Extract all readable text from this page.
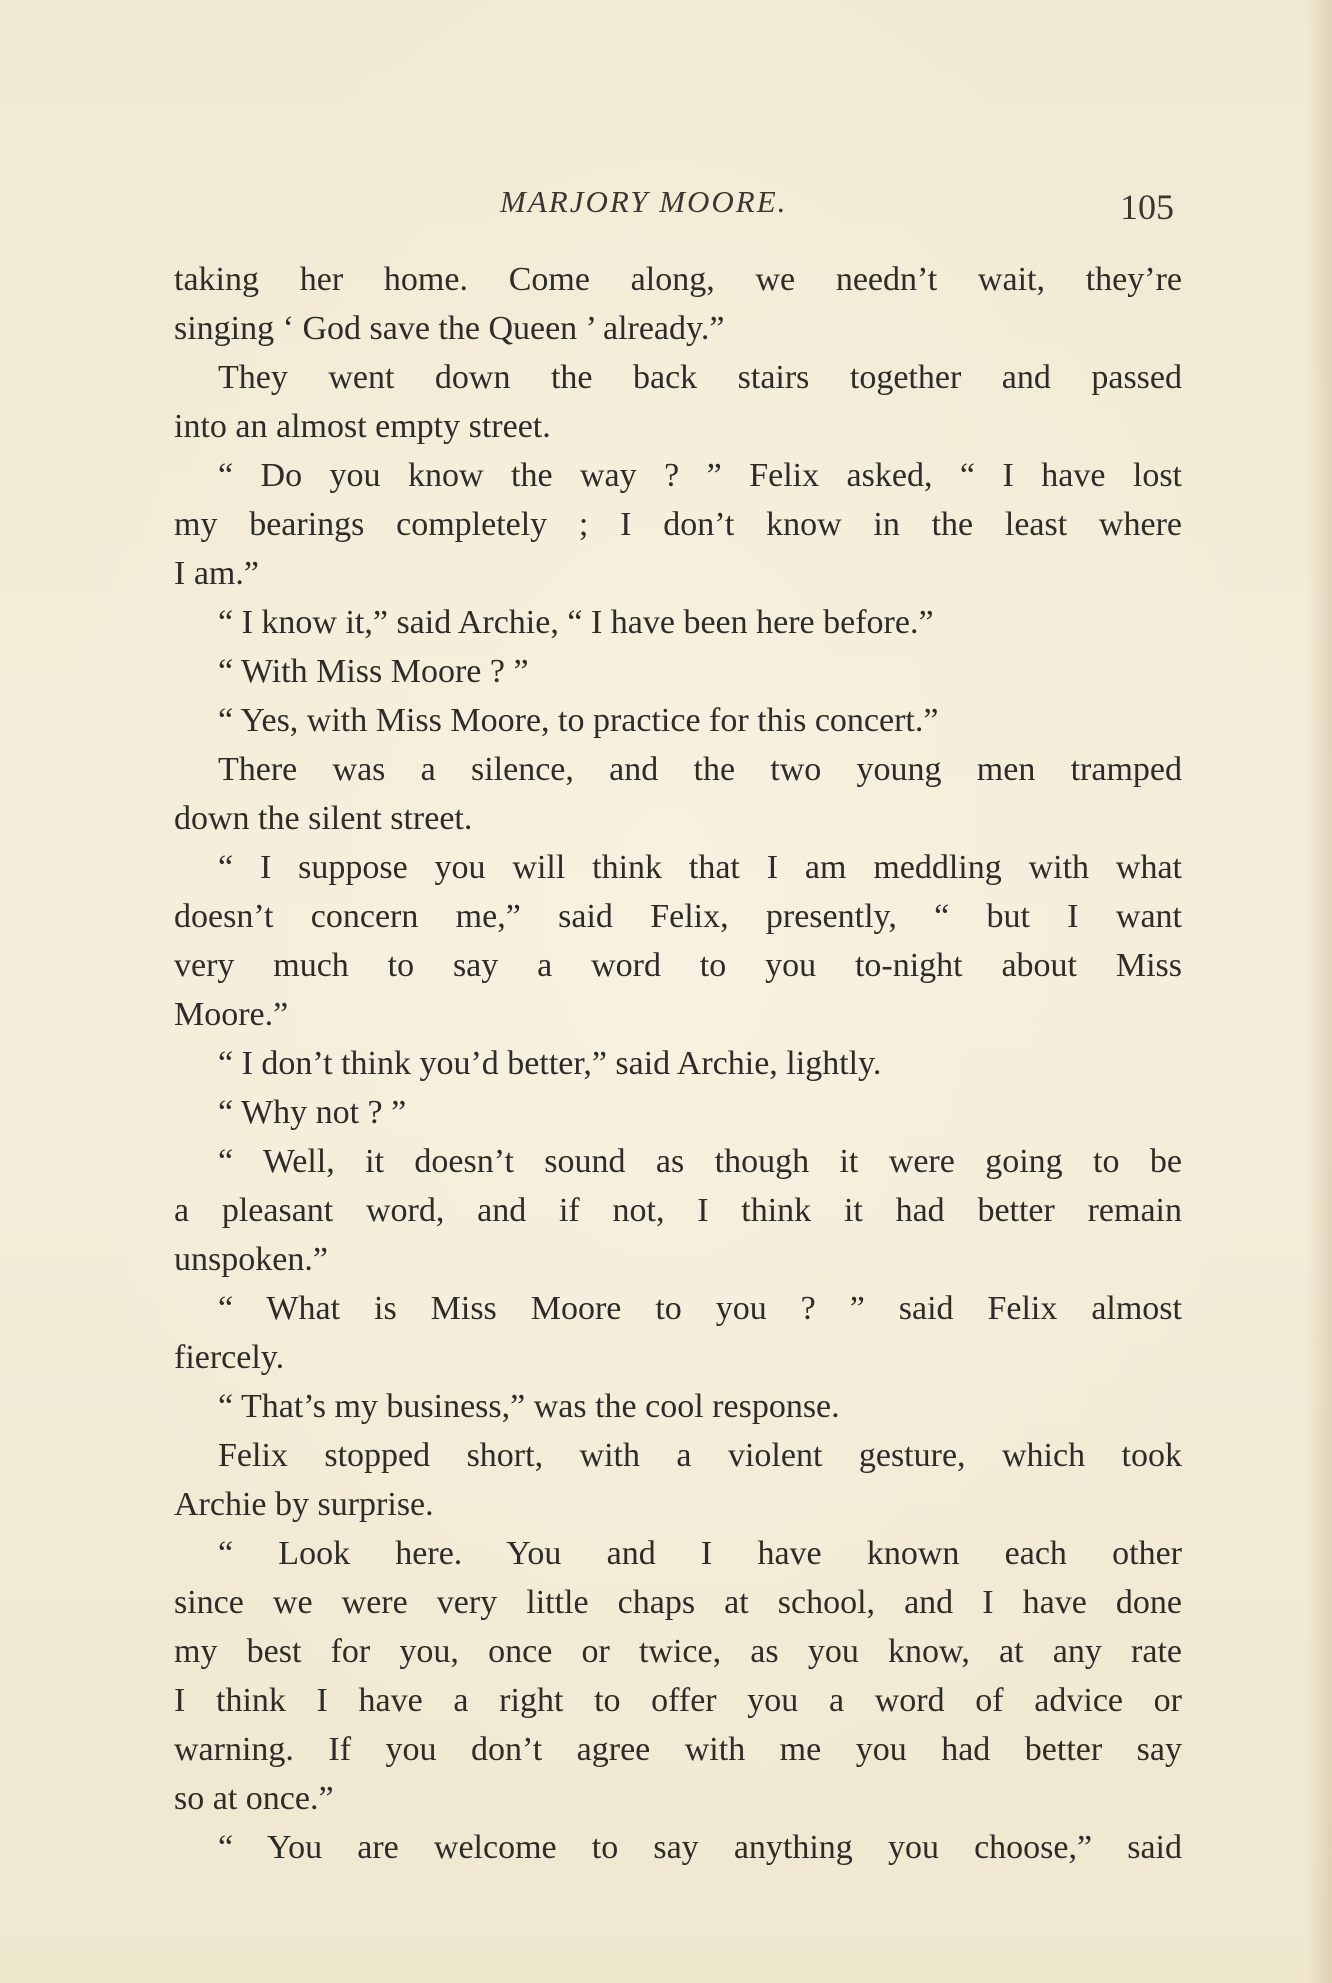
MARJORY MOORE.	105
taking her home. Come along, we needn’t wait, they’re
singing ‘ God save the Queen ’ already.”
They went down the back stairs together and passed
into an almost empty street.
“ Do you know the way ? ” Felix asked, “ I have lost
my bearings completely ; I don’t know in the least where
I am.”
“ I know it,” said Archie, “ I have been here before.”
“ With Miss Moore ? ”
“ Yes, with Miss Moore, to practice for this concert.”
There was a silence, and the two young men tramped
down the silent street.
“ I suppose you will think that I am meddling with what
doesn’t concern me,” said Felix, presently, “ but I want
very much to say a word to you to-night about Miss
Moore.”
“ I don’t think you’d better,” said Archie, lightly.
“ Why not ? ”
“ Well, it doesn’t sound as though it were going to be
a pleasant word, and if not, I think it had better remain
unspoken.”
“ What is Miss Moore to you ? ” said Felix almost
fiercely.
“ That’s my business,” was the cool response.
Felix stopped short, with a violent gesture, which took
Archie by surprise.
“ Look here. You and I have known each other
since we were very little chaps at school, and I have done
my best for you, once or twice, as you know, at any rate
I think I have a right to offer you a word of advice or
warning. If you don’t agree with me you had better say
so at once.”
“ You are welcome to say anything you choose,” said
